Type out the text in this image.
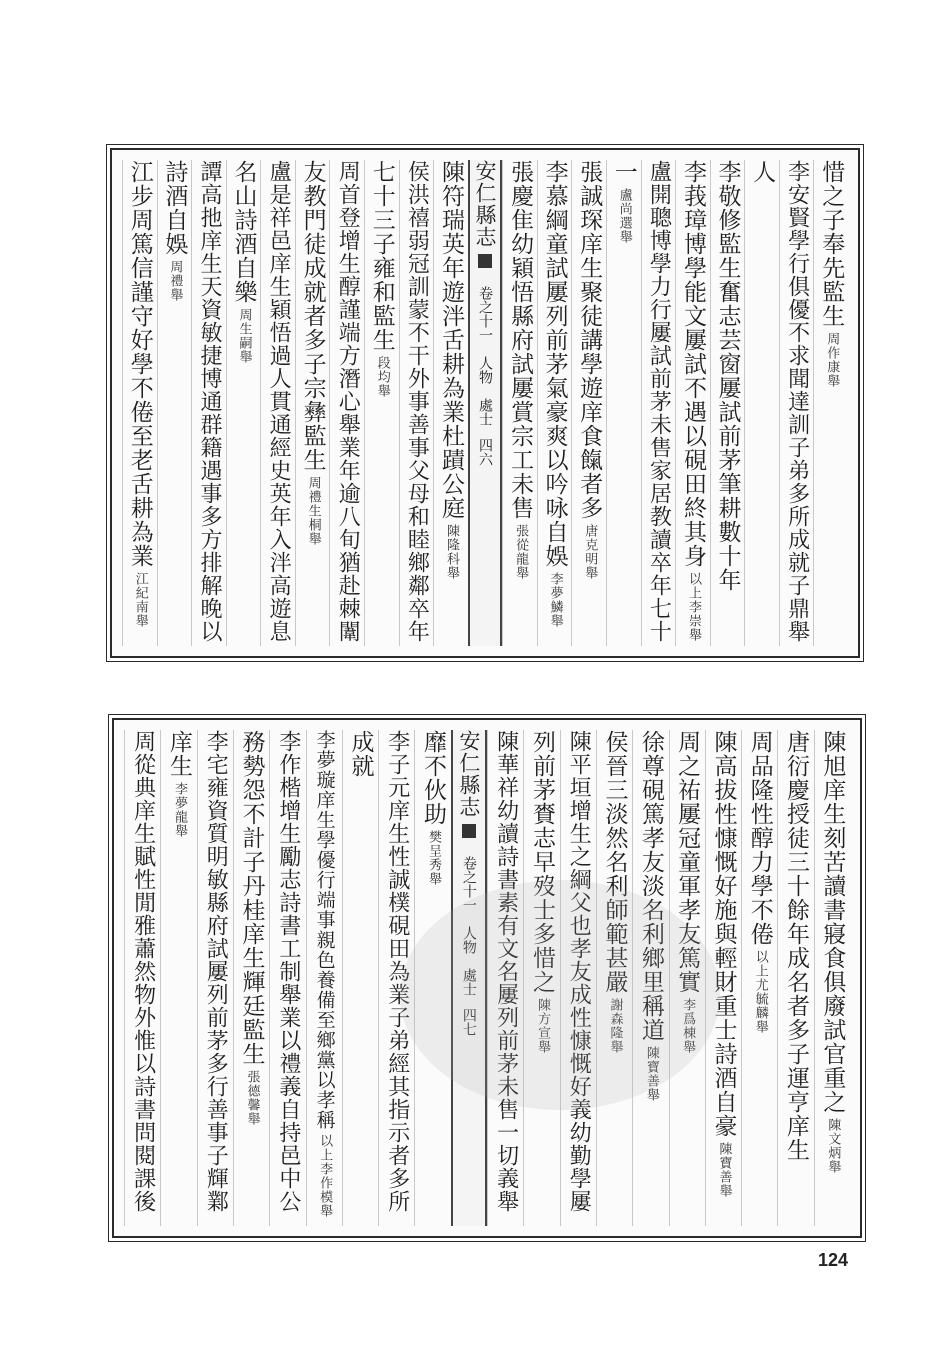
惜之子奉先監生
周作康舉
李安賢學行俱優不求聞達訓子弟多所成就子鼎舉
人
李敬修監生奮志芸窗屢試前茅筆耕數十年
李莪璋博學能文屢試不遇以硯田終其身
以上李崇舉
盧開聰博學力行屢試前茅未售家居教讀卒年七十
一
盧尚選舉
張誠琛庠生聚徒講學遊庠食餼者多
唐克明舉
李慕綱童試屢列前茅氣豪爽以吟咏自娛
李夢鱗舉
張慶隹幼穎悟縣府試屢賞宗工未售
張從龍舉
安仁縣志
卷之十一　人物　處士
四六
陳符瑞英年遊泮舌耕為業杜蹟公庭
陳隆科舉
侯洪禧弱冠訓蒙不干外事善事父母和睦鄉鄰卒年
七十三子雍和監生
段均舉
周首登增生醇謹端方潛心舉業年逾八旬猶赴棘闈
友教門徒成就者多子宗彝監生
周禮生桐舉
盧是祥邑庠生穎悟過人貫通經史英年入泮高遊息
名山詩酒自樂
周生嗣舉
譚高扡庠生天資敏捷博通群籍遇事多方排解晚以
詩酒自娛
周禮舉
江步周篤信謹守好學不倦至老舌耕為業
江紀南舉
陳旭庠生刻苦讀書寢食俱廢試官重之
陳文炳舉
唐衍慶授徒三十餘年成名者多子運亨庠生
周品隆性醇力學不倦
以上尤毓麟舉
陳高拔性慷慨好施與輕財重士詩酒自豪
陳寶善舉
周之祐屢冠童軍孝友篤實
李爲棟舉
徐尊硯篤孝友淡名利鄉里稱道
陳寶善舉
侯晉三淡然名利師範甚嚴
謝森隆舉
陳平垣增生之綱父也孝友成性慷慨好義幼勤學屢
列前茅賚志早歿士多惜之
陳方宣舉
陳華祥幼讀詩書素有文名屢列前茅未售一切義舉
安仁縣志
卷之十一　人物　處士
四七
靡不伙助
樊呈秀舉
李子元庠生性誠樸硯田為業子弟經其指示者多所
成就
李夢璇庠生學優行端事親色養備至鄉黨以孝稱
以上李作模舉
李作楷增生勵志詩書工制舉業以禮義自持邑中公
務勢怨不計子丹桂庠生輝廷監生
張德馨舉
李宅雍資質明敏縣府試屢列前茅多行善事子輝鄴
庠生
李夢龍舉
周從典庠生賦性閒雅蕭然物外惟以詩書問閱課後
124
